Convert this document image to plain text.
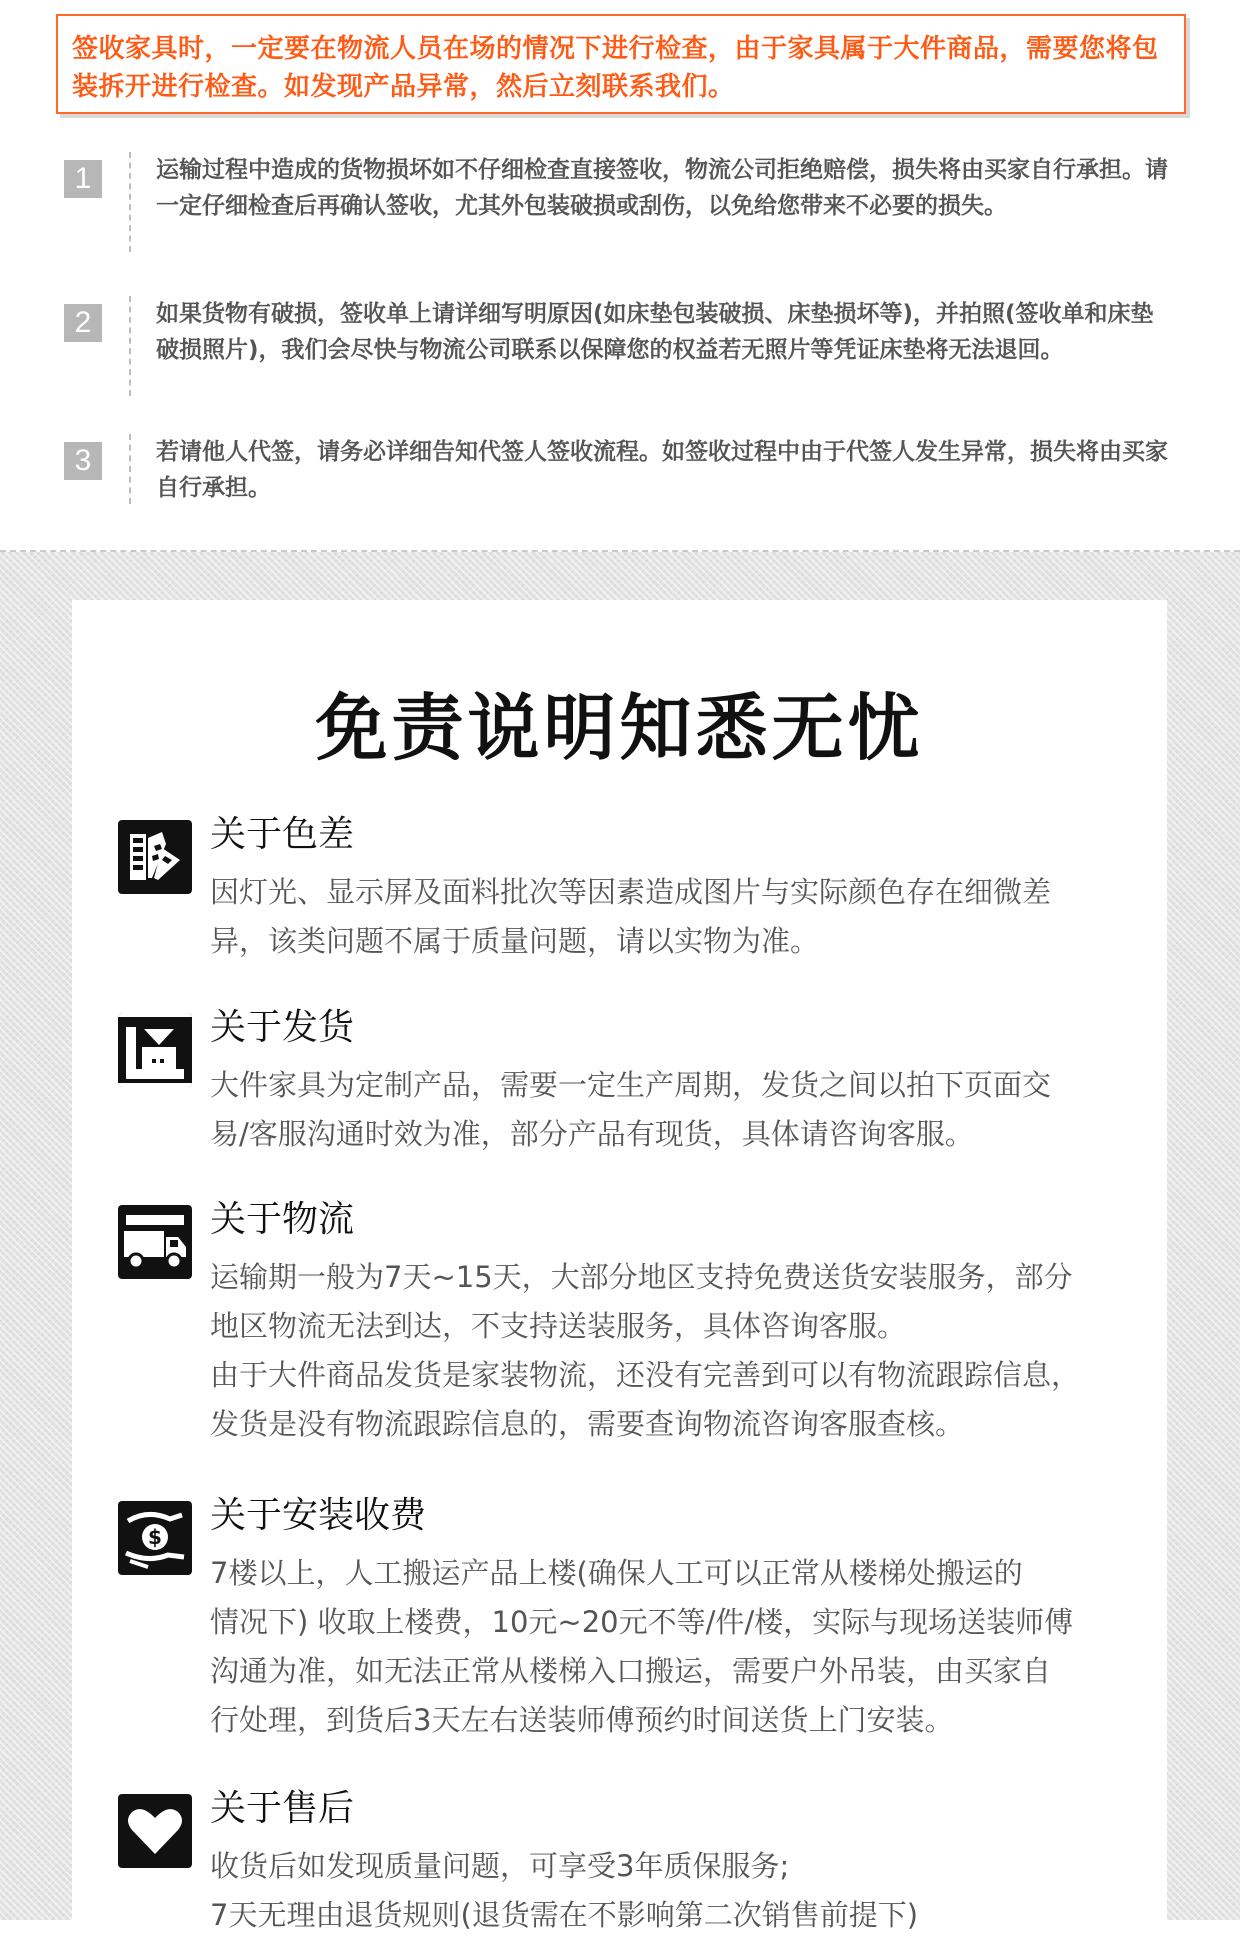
签收家具时，一定要在物流人员在场的情况下进行检查，由于家具属于大件商品，需要您将包装拆开进行检查。如发现产品异常，然后立刻联系我们。
1	运输过程中造成的货物损坏如不仔细检查直接签收，物流公司拒绝赔偿，损失将由买家自行承担。请一定仔细检查后再确认签收，尤其外包装破损或刮伤，以免给您带来不必要的损失。
2	如果货物有破损，签收单上请详细写明原因(如床垫包装破损、床垫损坏等)，并拍照(签收单和床垫破损照片)，我们会尽快与物流公司联系以保障您的权益若无照片等凭证床垫将无法退回。
3	若请他人代签，请务必详细告知代签人签收流程。如签收过程中由于代签人发生异常，损失将由买家自行承担。
免责说明知悉无忧
关于色差
因灯光、显示屏及面料批次等因素造成图片与实际颜色存在细微差
异，该类问题不属于质量问题，请以实物为准。
关于发货
大件家具为定制产品，需要一定生产周期，发货之间以拍下页面交
易/客服沟通时效为准，部分产品有现货，具体请咨询客服。
关于物流
运输期一般为7天~15天，大部分地区支持免费送货安装服务，部分
地区物流无法到达，不支持送装服务，具体咨询客服。
由于大件商品发货是家装物流，还没有完善到可以有物流跟踪信息，
发货是没有物流跟踪信息的，需要查询物流咨询客服查核。
$
关于安装收费
7楼以上，人工搬运产品上楼(确保人工可以正常从楼梯处搬运的
情况下) 收取上楼费，10元~20元不等/件/楼，实际与现场送装师傅
沟通为准，如无法正常从楼梯入口搬运，需要户外吊装，由买家自
行处理，到货后3天左右送装师傅预约时间送货上门安装。
关于售后
收货后如发现质量问题，可享受3年质保服务;
7天无理由退货规则(退货需在不影响第二次销售前提下)
